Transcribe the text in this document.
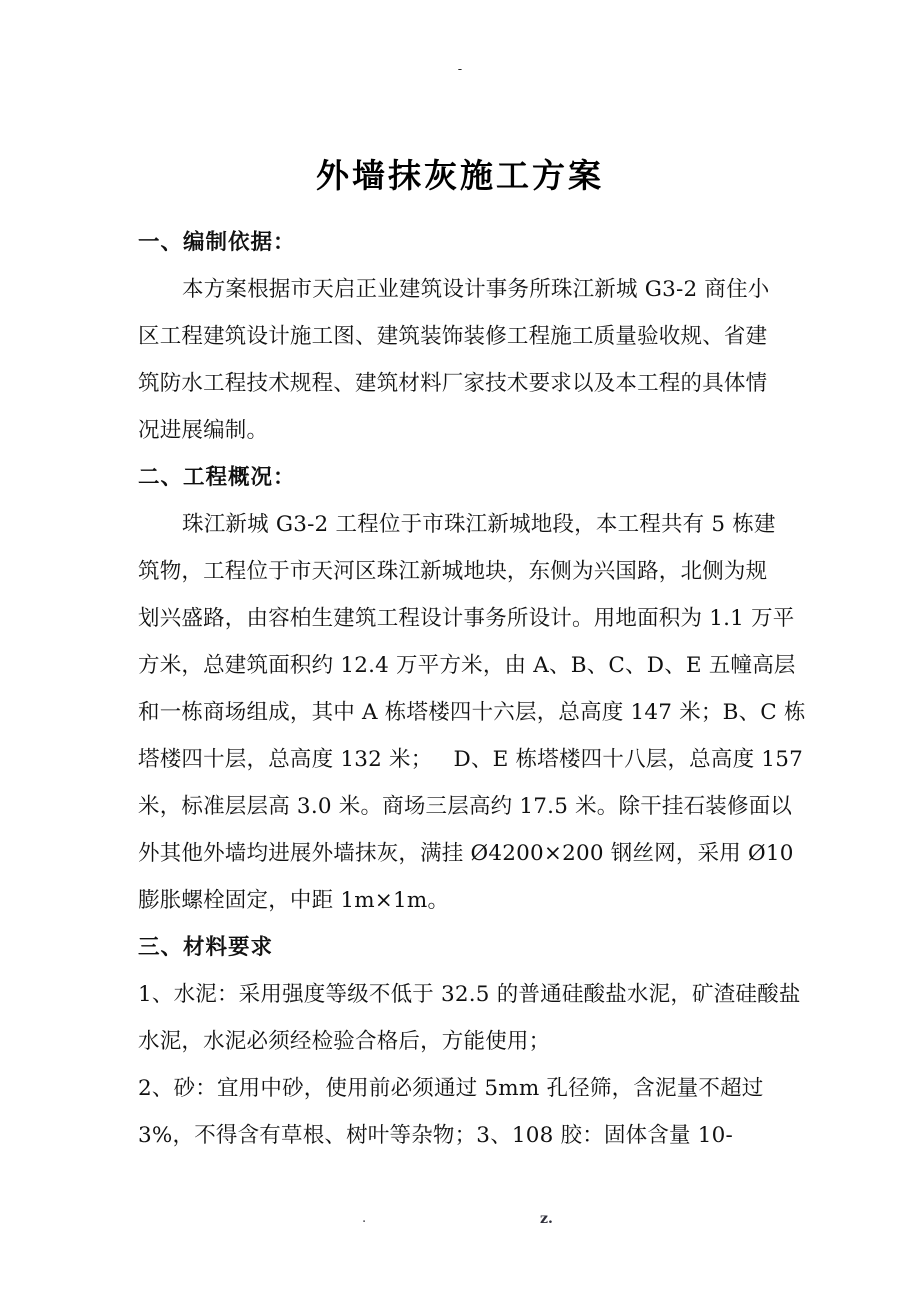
-
外墙抹灰施工方案
一、编制依据：
本方案根据市天启正业建筑设计事务所珠江新城 G3-2 商住小
区工程建筑设计施工图、建筑装饰装修工程施工质量验收规、省建
筑防水工程技术规程、建筑材料厂家技术要求以及本工程的具体情
况进展编制。
二、工程概况：
珠江新城 G3-2 工程位于市珠江新城地段，本工程共有 5 栋建
筑物，工程位于市天河区珠江新城地块，东侧为兴国路，北侧为规
划兴盛路，由容柏生建筑工程设计事务所设计。用地面积为 1.1 万平
方米，总建筑面积约 12.4 万平方米，由 A、B、C、D、E 五幢高层
和一栋商场组成，其中 A 栋塔楼四十六层，总高度 147 米；B、C 栋
塔楼四十层，总高度 132 米；   D、E 栋塔楼四十八层，总高度 157
米，标准层层高 3.0 米。商场三层高约 17.5 米。除干挂石装修面以
外其他外墙均进展外墙抹灰，满挂 Ø4200×200 钢丝网，采用 Ø10
膨胀螺栓固定，中距 1m×1m。
三、材料要求
1、水泥：采用强度等级不低于 32.5 的普通硅酸盐水泥，矿渣硅酸盐
水泥，水泥必须经检验合格后，方能使用；
2、砂：宜用中砂，使用前必须通过 5mm 孔径筛，含泥量不超过
3%，不得含有草根、树叶等杂物；3、108 胶：固体含量 10-
.	z.
